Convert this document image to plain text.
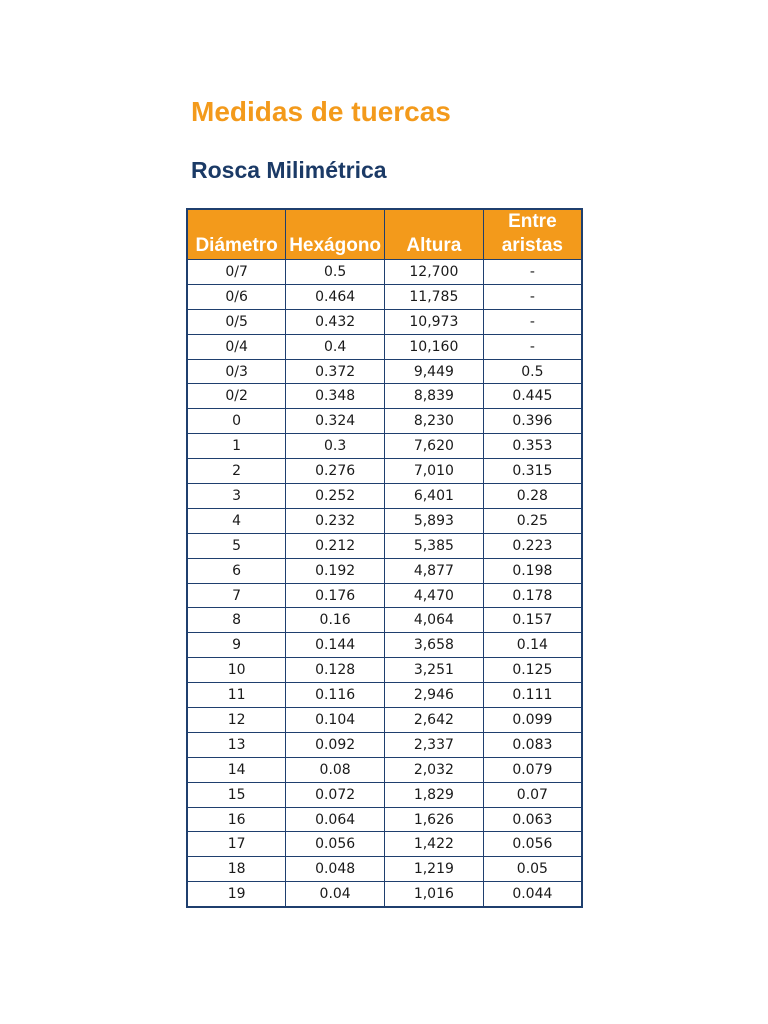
Medidas de tuercas
Rosca Milimétrica
Diámetro	Hexágono	Altura	Entre aristas
0/7	0.5	12,700	-
0/6	0.464	11,785	-
0/5	0.432	10,973	-
0/4	0.4	10,160	-
0/3	0.372	9,449	0.5
0/2	0.348	8,839	0.445
0	0.324	8,230	0.396
1	0.3	7,620	0.353
2	0.276	7,010	0.315
3	0.252	6,401	0.28
4	0.232	5,893	0.25
5	0.212	5,385	0.223
6	0.192	4,877	0.198
7	0.176	4,470	0.178
8	0.16	4,064	0.157
9	0.144	3,658	0.14
10	0.128	3,251	0.125
11	0.116	2,946	0.111
12	0.104	2,642	0.099
13	0.092	2,337	0.083
14	0.08	2,032	0.079
15	0.072	1,829	0.07
16	0.064	1,626	0.063
17	0.056	1,422	0.056
18	0.048	1,219	0.05
19	0.04	1,016	0.044
